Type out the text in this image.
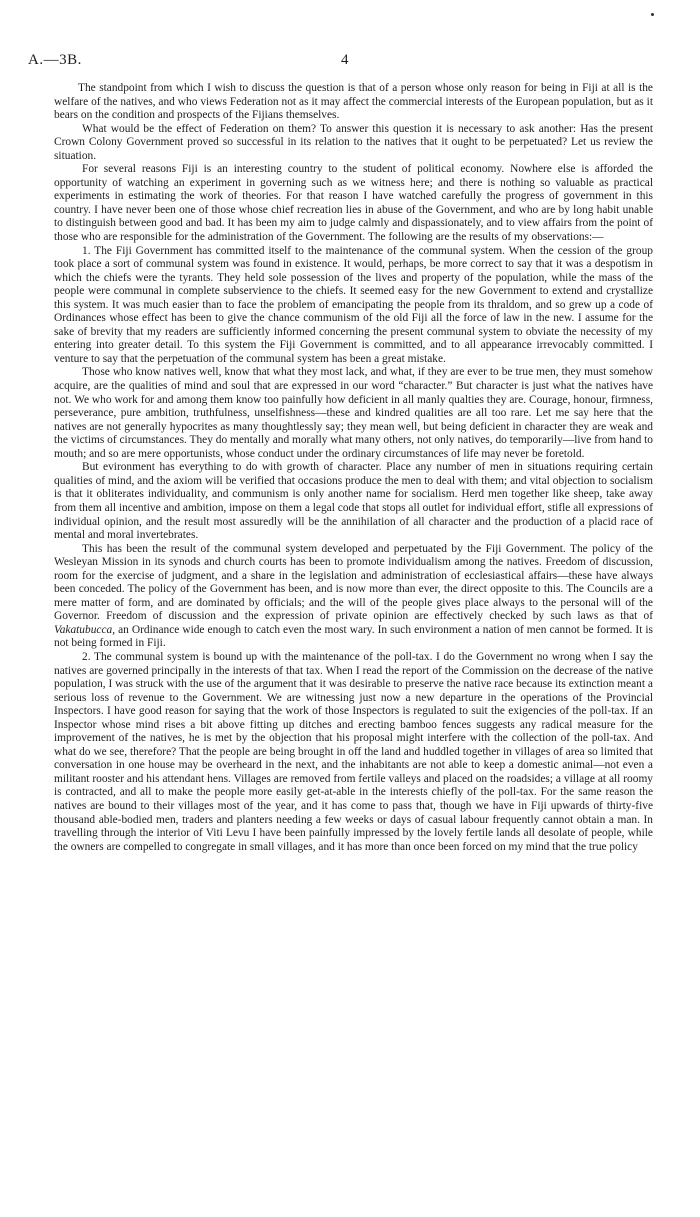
A.—3B.	4

The standpoint from which I wish to discuss the question is that of a person whose only reason for being in Fiji at all is the welfare of the natives, and who views Federation not as it may affect the commercial interests of the European population, but as it bears on the condition and prospects of the Fijians themselves.

What would be the effect of Federation on them? To answer this question it is necessary to ask another: Has the present Crown Colony Government proved so successful in its relation to the natives that it ought to be perpetuated? Let us review the situation.

For several reasons Fiji is an interesting country to the student of political economy. Nowhere else is afforded the opportunity of watching an experiment in governing such as we witness here; and there is nothing so valuable as practical experiments in estimating the work of theories. For that reason I have watched carefully the progress of government in this country. I have never been one of those whose chief recreation lies in abuse of the Government, and who are by long habit unable to distinguish between good and bad. It has been my aim to judge calmly and dispassionately, and to view affairs from the point of those who are responsible for the administration of the Government. The following are the results of my observations:—

1. The Fiji Government has committed itself to the maintenance of the communal system. When the cession of the group took place a sort of communal system was found in existence. It would, perhaps, be more correct to say that it was a despotism in which the chiefs were the tyrants. They held sole possession of the lives and property of the population, while the mass of the people were communal in complete subservience to the chiefs. It seemed easy for the new Government to extend and crystallize this system. It was much easier than to face the problem of emancipating the people from its thraldom, and so grew up a code of Ordinances whose effect has been to give the chance communism of the old Fiji all the force of law in the new. I assume for the sake of brevity that my readers are sufficiently informed concerning the present communal system to obviate the necessity of my entering into greater detail. To this system the Fiji Government is committed, and to all appearance irrevocably committed. I venture to say that the perpetuation of the communal system has been a great mistake.

Those who know natives well, know that what they most lack, and what, if they are ever to be true men, they must somehow acquire, are the qualities of mind and soul that are expressed in our word “character.” But character is just what the natives have not. We who work for and among them know too painfully how deficient in all manly qualties they are. Courage, honour, firmness, perseverance, pure ambition, truthfulness, unselfishness—these and kindred qualities are all too rare. Let me say here that the natives are not generally hypocrites as many thoughtlessly say; they mean well, but being deficient in character they are weak and the victims of circumstances. They do mentally and morally what many others, not only natives, do temporarily—live from hand to mouth; and so are mere opportunists, whose conduct under the ordinary circumstances of life may never be foretold.

But evironment has everything to do with growth of character. Place any number of men in situations requiring certain qualities of mind, and the axiom will be verified that occasions produce the men to deal with them; and vital objection to socialism is that it obliterates individuality, and communism is only another name for socialism. Herd men together like sheep, take away from them all incentive and ambition, impose on them a legal code that stops all outlet for individual effort, stifle all expressions of individual opinion, and the result most assuredly will be the annihilation of all character and the production of a placid race of mental and moral invertebrates.

This has been the result of the communal system developed and perpetuated by the Fiji Government. The policy of the Wesleyan Mission in its synods and church courts has been to promote individualism among the natives. Freedom of discussion, room for the exercise of judgment, and a share in the legislation and administration of ecclesiastical affairs—these have always been conceded. The policy of the Government has been, and is now more than ever, the direct opposite to this. The Councils are a mere matter of form, and are dominated by officials; and the will of the people gives place always to the personal will of the Governor. Freedom of discussion and the expression of private opinion are effectively checked by such laws as that of Vakatubucca, an Ordinance wide enough to catch even the most wary. In such environment a nation of men cannot be formed. It is not being formed in Fiji.

2. The communal system is bound up with the maintenance of the poll-tax. I do the Government no wrong when I say the natives are governed principally in the interests of that tax. When I read the report of the Commission on the decrease of the native population, I was struck with the use of the argument that it was desirable to preserve the native race because its extinction meant a serious loss of revenue to the Government. We are witnessing just now a new departure in the operations of the Provincial Inspectors. I have good reason for saying that the work of those Inspectors is regulated to suit the exigencies of the poll-tax. If an Inspector whose mind rises a bit above fitting up ditches and erecting bamboo fences suggests any radical measure for the improvement of the natives, he is met by the objection that his proposal might interfere with the collection of the poll-tax. And what do we see, therefore? That the people are being brought in off the land and huddled together in villages of area so limited that conversation in one house may be overheard in the next, and the inhabitants are not able to keep a domestic animal—not even a militant rooster and his attendant hens. Villages are removed from fertile valleys and placed on the roadsides; a village at all roomy is contracted, and all to make the people more easily get-at-able in the interests chiefly of the poll-tax. For the same reason the natives are bound to their villages most of the year, and it has come to pass that, though we have in Fiji upwards of thirty-five thousand able-bodied men, traders and planters needing a few weeks or days of casual labour frequently cannot obtain a man. In travelling through the interior of Viti Levu I have been painfully impressed by the lovely fertile lands all desolate of people, while the owners are compelled to congregate in small villages, and it has more than once been forced on my mind that the true policy
